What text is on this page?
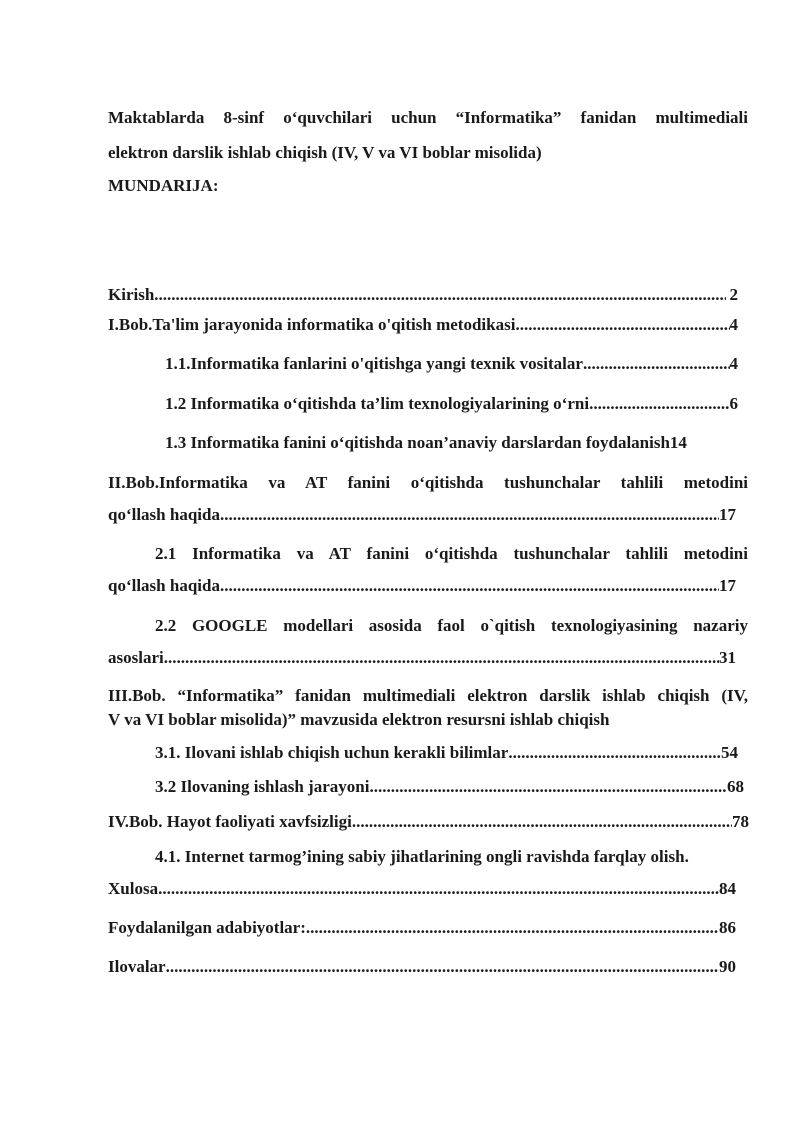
Maktablarda 8-sinf o‘quvchilari uchun “Informatika” fanidan multimediali
elektron darslik ishlab chiqish (IV, V va VI boblar misolida)
MUNDARIJA:
Kirish .....	2
I.Bob.Ta'lim jarayonida informatika o'qitish metodikasi .....	4
1.1.Informatika fanlarini o'qitishga yangi texnik vositalar .....	4
1.2 Informatika o‘qitishda ta’lim texnologiyalarining o‘rni .....	6
1.3 Informatika fanini o‘qitishda noan’anaviy darslardan foydalanish14
II.Bob.Informatika va AT fanini o‘qitishda tushunchalar tahlili metodini
qo‘llash haqida .....	17
2.1 Informatika va AT fanini o‘qitishda tushunchalar tahlili metodini
qo‘llash haqida .....	17
2.2 GOOGLE modellari asosida faol o`qitish texnologiyasining nazariy
asoslari .....	31
III.Bob. “Informatika” fanidan multimediali elektron darslik ishlab chiqish (IV,
V va VI boblar misolida)” mavzusida elektron resursni ishlab chiqish
3.1. Ilovani ishlab chiqish uchun kerakli bilimlar .....	54
3.2 Ilovaning ishlash jarayoni .....	68
IV.Bob. Hayot faoliyati xavfsizligi .....	78
4.1. Internet tarmog’ining sabiy jihatlarining ongli ravishda farqlay olish.
Xulosa .....	84
Foydalanilgan adabiyotlar: .....	86
Ilovalar .....	90
